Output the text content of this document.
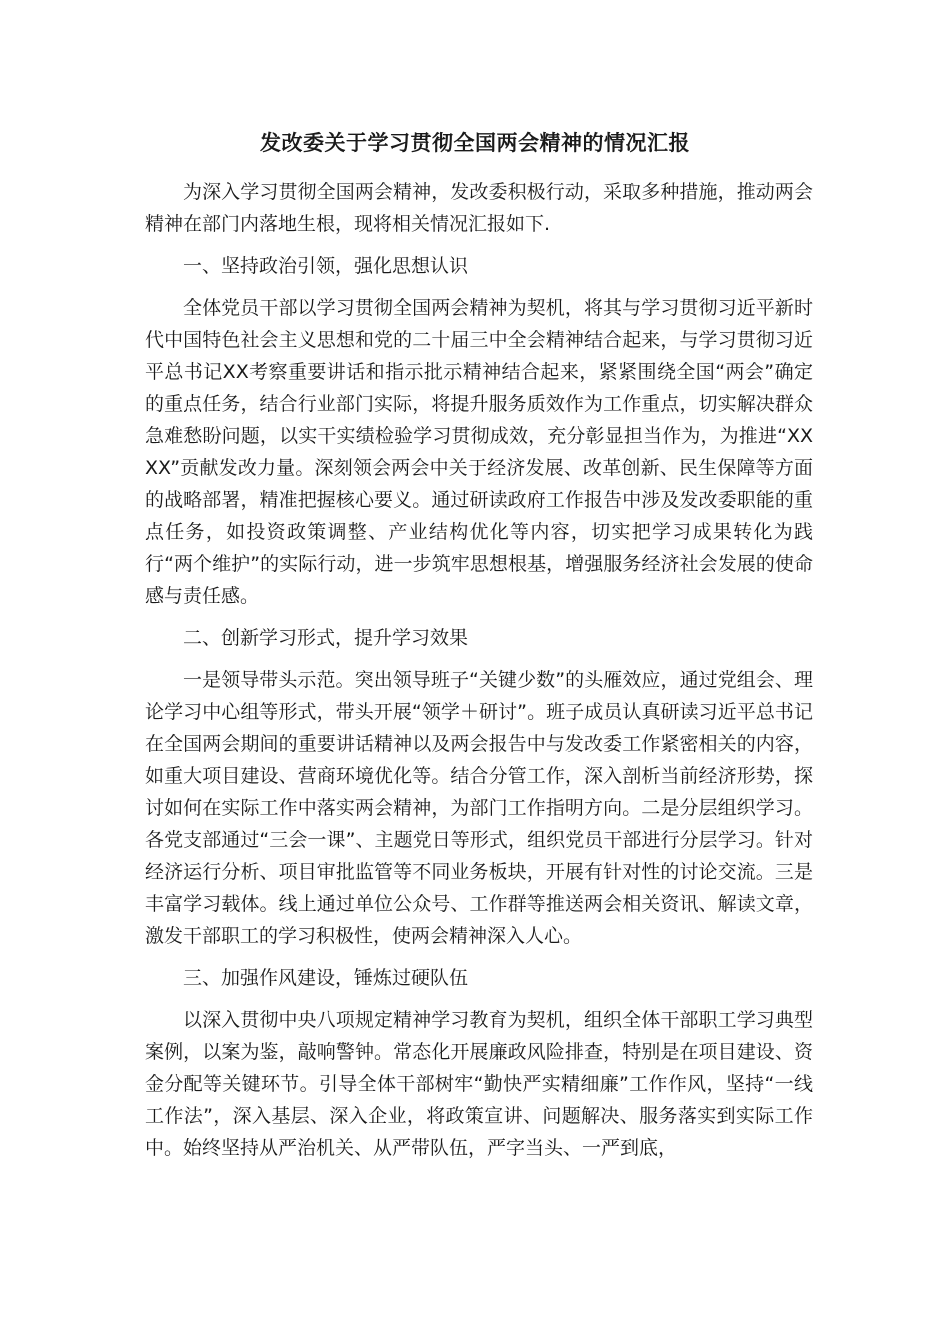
发改委关于学习贯彻全国两会精神的情况汇报

为深入学习贯彻全国两会精神，发改委积极行动，采取多种措施，推动两会精神在部门内落地生根，现将相关情况汇报如下.

一、坚持政治引领，强化思想认识

全体党员干部以学习贯彻全国两会精神为契机，将其与学习贯彻习近平新时代中国特色社会主义思想和党的二十届三中全会精神结合起来，与学习贯彻习近平总书记XX考察重要讲话和指示批示精神结合起来，紧紧围绕全国“两会”确定的重点任务，结合行业部门实际，将提升服务质效作为工作重点，切实解决群众急难愁盼问题，以实干实绩检验学习贯彻成效，充分彰显担当作为，为推进“XXXX”贡献发改力量。深刻领会两会中关于经济发展、改革创新、民生保障等方面的战略部署，精准把握核心要义。通过研读政府工作报告中涉及发改委职能的重点任务，如投资政策调整、产业结构优化等内容，切实把学习成果转化为践行“两个维护”的实际行动，进一步筑牢思想根基，增强服务经济社会发展的使命感与责任感。

二、创新学习形式，提升学习效果

一是领导带头示范。突出领导班子“关键少数”的头雁效应，通过党组会、理论学习中心组等形式，带头开展“领学＋研讨”。班子成员认真研读习近平总书记在全国两会期间的重要讲话精神以及两会报告中与发改委工作紧密相关的内容，如重大项目建设、营商环境优化等。结合分管工作，深入剖析当前经济形势，探讨如何在实际工作中落实两会精神，为部门工作指明方向。二是分层组织学习。各党支部通过“三会一课”、主题党日等形式，组织党员干部进行分层学习。针对经济运行分析、项目审批监管等不同业务板块，开展有针对性的讨论交流。三是丰富学习载体。线上通过单位公众号、工作群等推送两会相关资讯、解读文章，激发干部职工的学习积极性，使两会精神深入人心。

三、加强作风建设，锤炼过硬队伍

以深入贯彻中央八项规定精神学习教育为契机，组织全体干部职工学习典型案例，以案为鉴，敲响警钟。常态化开展廉政风险排查，特别是在项目建设、资金分配等关键环节。引导全体干部树牢“勤快严实精细廉”工作作风，坚持“一线工作法”，深入基层、深入企业，将政策宣讲、问题解决、服务落实到实际工作中。始终坚持从严治机关、从严带队伍，严字当头、一严到底，
